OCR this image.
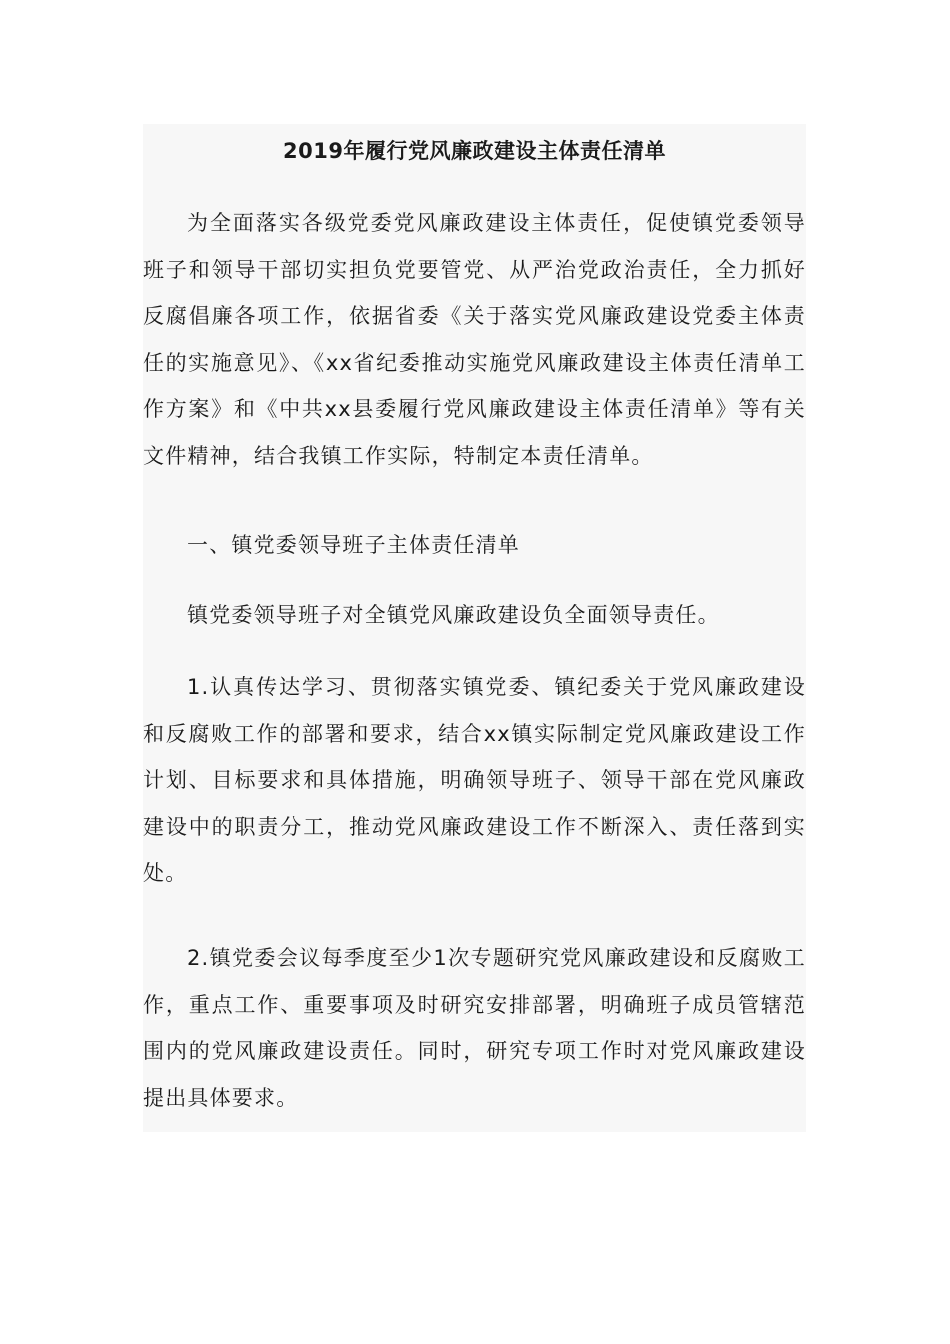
2019年履行党风廉政建设主体责任清单

为全面落实各级党委党风廉政建设主体责任，促使镇党委领导班子和领导干部切实担负党要管党、从严治党政治责任，全力抓好反腐倡廉各项工作，依据省委《关于落实党风廉政建设党委主体责任的实施意见》、《xx省纪委推动实施党风廉政建设主体责任清单工作方案》和《中共xx县委履行党风廉政建设主体责任清单》等有关文件精神，结合我镇工作实际，特制定本责任清单。

一、镇党委领导班子主体责任清单

镇党委领导班子对全镇党风廉政建设负全面领导责任。

1.认真传达学习、贯彻落实镇党委、镇纪委关于党风廉政建设和反腐败工作的部署和要求，结合xx镇实际制定党风廉政建设工作计划、目标要求和具体措施，明确领导班子、领导干部在党风廉政建设中的职责分工，推动党风廉政建设工作不断深入、责任落到实处。

2.镇党委会议每季度至少1次专题研究党风廉政建设和反腐败工作，重点工作、重要事项及时研究安排部署，明确班子成员管辖范围内的党风廉政建设责任。同时，研究专项工作时对党风廉政建设提出具体要求。
